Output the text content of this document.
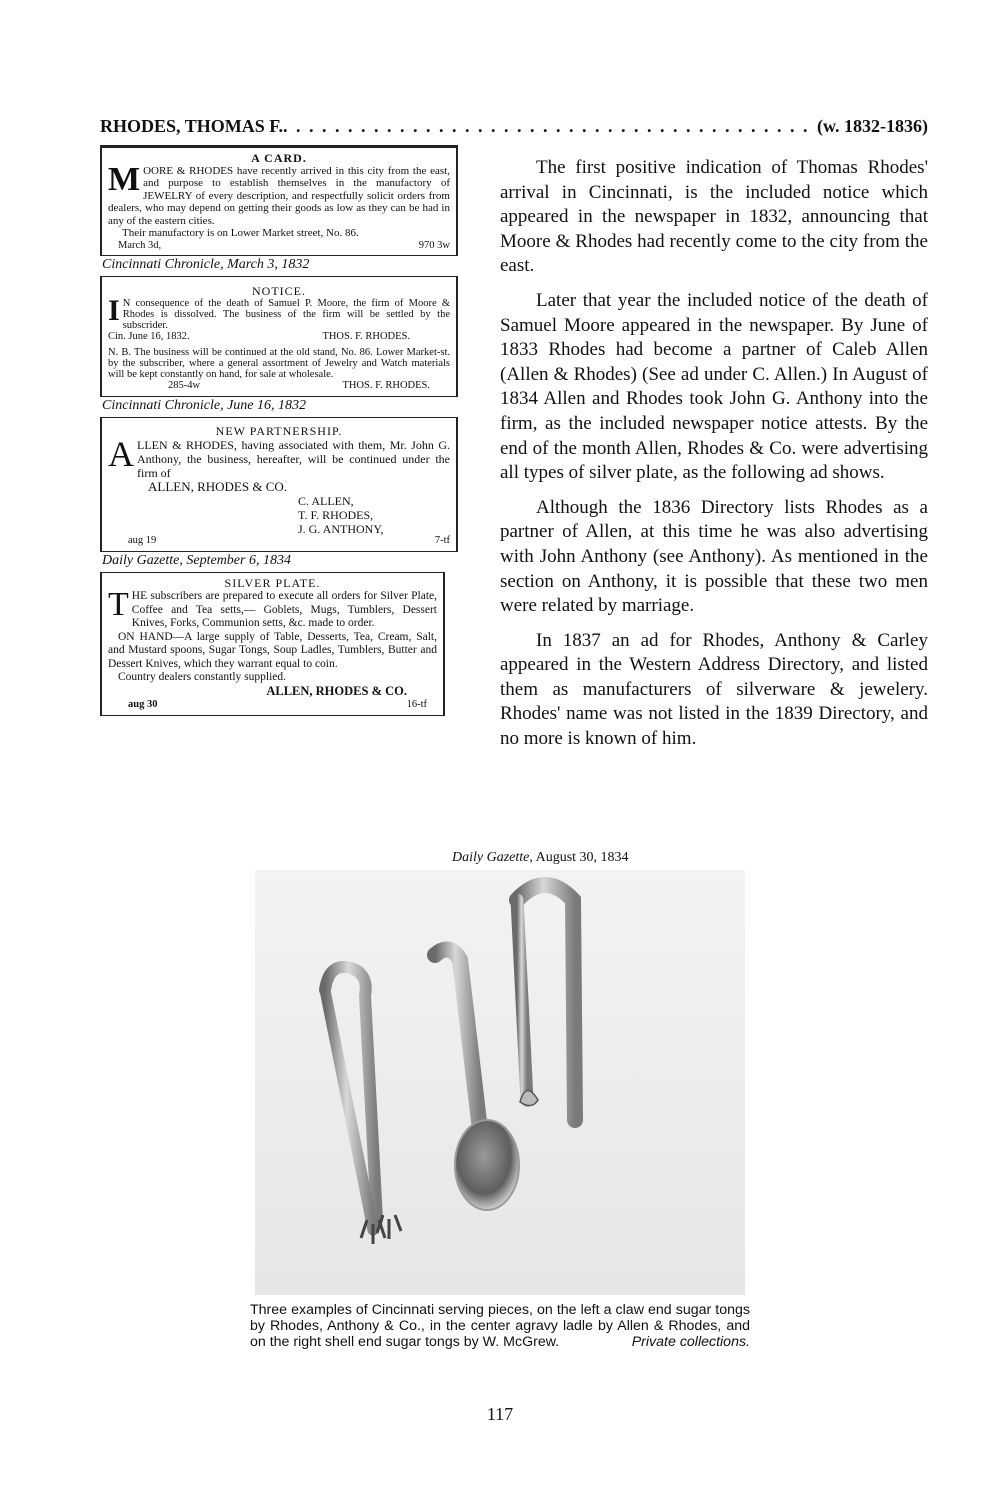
RHODES, THOMAS F.
. . .	(w. 1832-1836)
A CARD.

MOORE & RHODES have recently arrived in this city from the east, and purpose to establish themselves in the manufactory of JEWELRY of every description, and respectfully solicit orders from dealers, who may depend on getting their goods as low as they can be had in any of the eastern cities.

Their manufactory is on Lower Market street, No. 86.

March 3d,	970 3w
Cincinnati Chronicle, March 3, 1832
NOTICE.

I N consequence of the death of Samuel P. Moore, the firm of Moore & Rhodes is dissolved. The business of the firm will be settled by the subscrider.

Cin. June 16, 1832.	THOS. F. RHODES.

N. B. The business will be continued at the old stand, No. 86. Lower Market-st. by the subscriber, where a general assortment of Jewelry and Watch materials will be kept constantly on hand, for sale at wholesale.

285-4w	THOS. F. RHODES.
Cincinnati Chronicle, June 16, 1832
NEW PARTNERSHIP.

ALLEN & RHODES, having associated with them, Mr. John G. Anthony, the business, hereafter, will be continued under the firm of

ALLEN, RHODES & CO.
C. ALLEN,
T. F. RHODES,
J. G. ANTHONY,
aug 19	7-tf
Daily Gazette, September 6, 1834
SILVER PLATE.

THE subscribers are prepared to execute all orders for Silver Plate, Coffee and Tea setts,— Goblets, Mugs, Tumblers, Dessert Knives, Forks, Communion setts, &c. made to order.

ON HAND—A large supply of Table, Desserts, Tea, Cream, Salt, and Mustard spoons, Sugar Tongs, Soup Ladles, Tumblers, Butter and Dessert Knives, which they warrant equal to coin.

Country dealers constantly supplied.

ALLEN, RHODES & CO.
aug 30	16-tf

The first positive indication of Thomas Rhodes' arrival in Cincinnati, is the included notice which appeared in the newspaper in 1832, announcing that Moore & Rhodes had recently come to the city from the east.

Later that year the included notice of the death of Samuel Moore appeared in the newspaper. By June of 1833 Rhodes had become a partner of Caleb Allen (Allen & Rhodes) (See ad under C. Allen.) In August of 1834 Allen and Rhodes took John G. Anthony into the firm, as the included newspaper notice attests. By the end of the month Allen, Rhodes & Co. were advertising all types of silver plate, as the following ad shows.

Although the 1836 Directory lists Rhodes as a partner of Allen, at this time he was also advertising with John Anthony (see Anthony). As mentioned in the section on Anthony, it is possible that these two men were related by marriage.

In 1837 an ad for Rhodes, Anthony & Carley appeared in the Western Address Directory, and listed them as manufacturers of silverware & jewelery. Rhodes' name was not listed in the 1839 Directory, and no more is known of him.

Daily Gazette, August 30, 1834

Three examples of Cincinnati serving pieces, on the left a claw end sugar tongs by Rhodes, Anthony & Co., in the center agravy ladle by Allen & Rhodes, and on the right shell end sugar tongs by W. McGrew.	Private collections.

117
